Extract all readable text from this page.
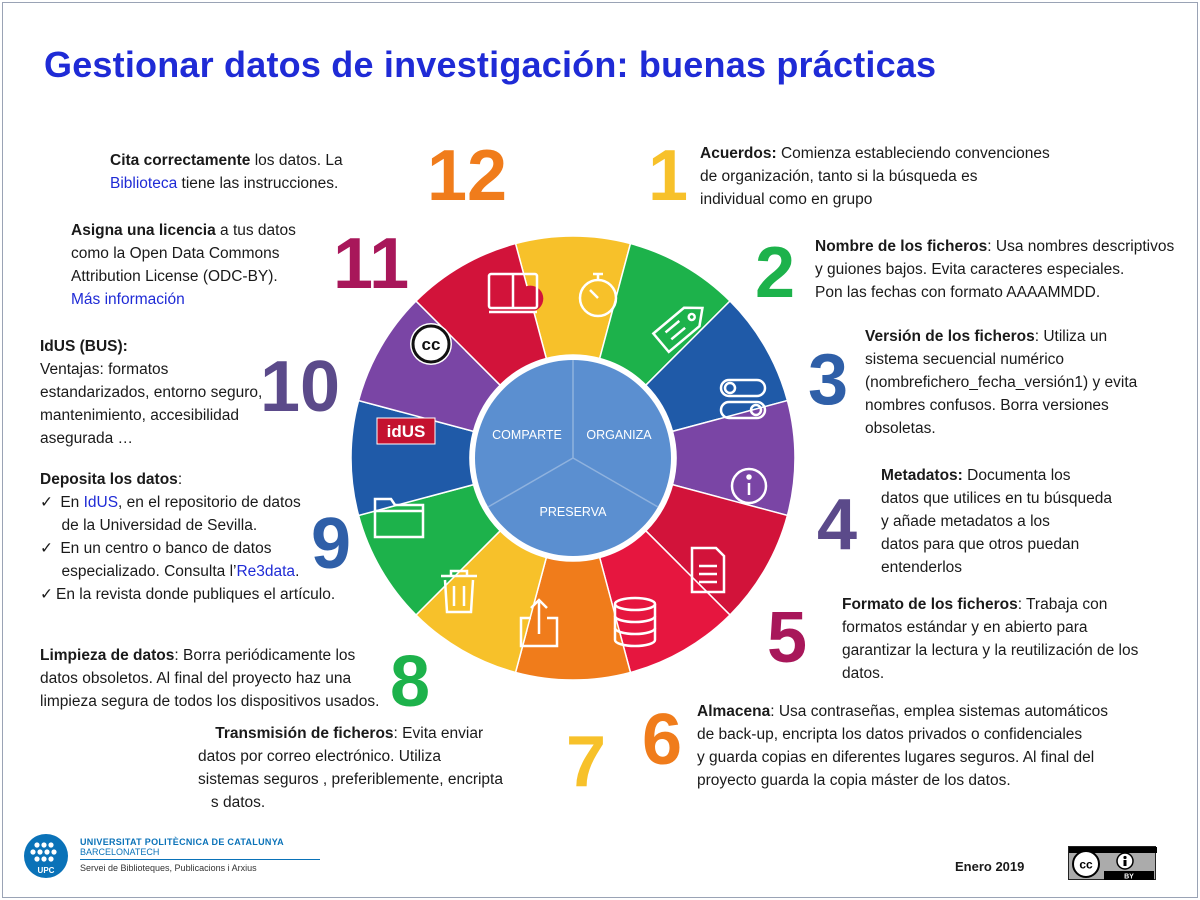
Gestionar datos de investigación: buenas prácticas
12 1
11	2
10	3
9	4
5
8
6
7
ORGANIZA
COMPARTE
PRESERVA
idUS
cc
Acuerdos: Comienza estableciendo convenciones
de organización, tanto si la búsqueda es
individual como en grupo
Nombre de los ficheros: Usa nombres descriptivos
y guiones bajos. Evita caracteres especiales.
Pon las fechas con formato AAAAMMDD.
Versión de los ficheros: Utiliza un
sistema secuencial numérico
(nombrefichero_fecha_versión1) y evita
nombres confusos. Borra versiones
obsoletas.
Metadatos: Documenta los
datos que utilices en tu búsqueda
y añade metadatos a los
datos para que otros puedan
entenderlos
Formato de los ficheros: Trabaja con
formatos estándar y en abierto para
garantizar la lectura y la reutilización de los
datos.
Almacena: Usa contraseñas, emplea sistemas automáticos
de back-up, encripta los datos privados o confidenciales
y guarda copias en diferentes lugares seguros. Al final del
proyecto guarda la copia máster de los datos.
Transmisión de ficheros: Evita enviar
datos por correo electrónico. Utiliza
sistemas seguros , preferiblemente, encripta
s datos.
Limpieza de datos: Borra periódicamente los
datos obsoletos. Al final del proyecto haz una
limpieza segura de todos los dispositivos usados.
Deposita los datos:
✓ En IdUS, en el repositorio de datos
de la Universidad de Sevilla.
✓ En un centro o banco de datos
especializado. Consulta l’Re3data.
✓ En la revista donde publiques el artículo.
IdUS (BUS):
Ventajas: formatos
estandarizados, entorno seguro,
mantenimiento, accesibilidad
asegurada …
Asigna una licencia a tus datos
como la Open Data Commons
Attribution License (ODC-BY).
Más información
Cita correctamente los datos. La
Biblioteca tiene las instrucciones.
UPC
UNIVERSITAT POLITÈCNICA DE CATALUNYA
BARCELONATECH
Servei de Biblioteques, Publicacions i Arxius	Enero 2019	cc
BY
